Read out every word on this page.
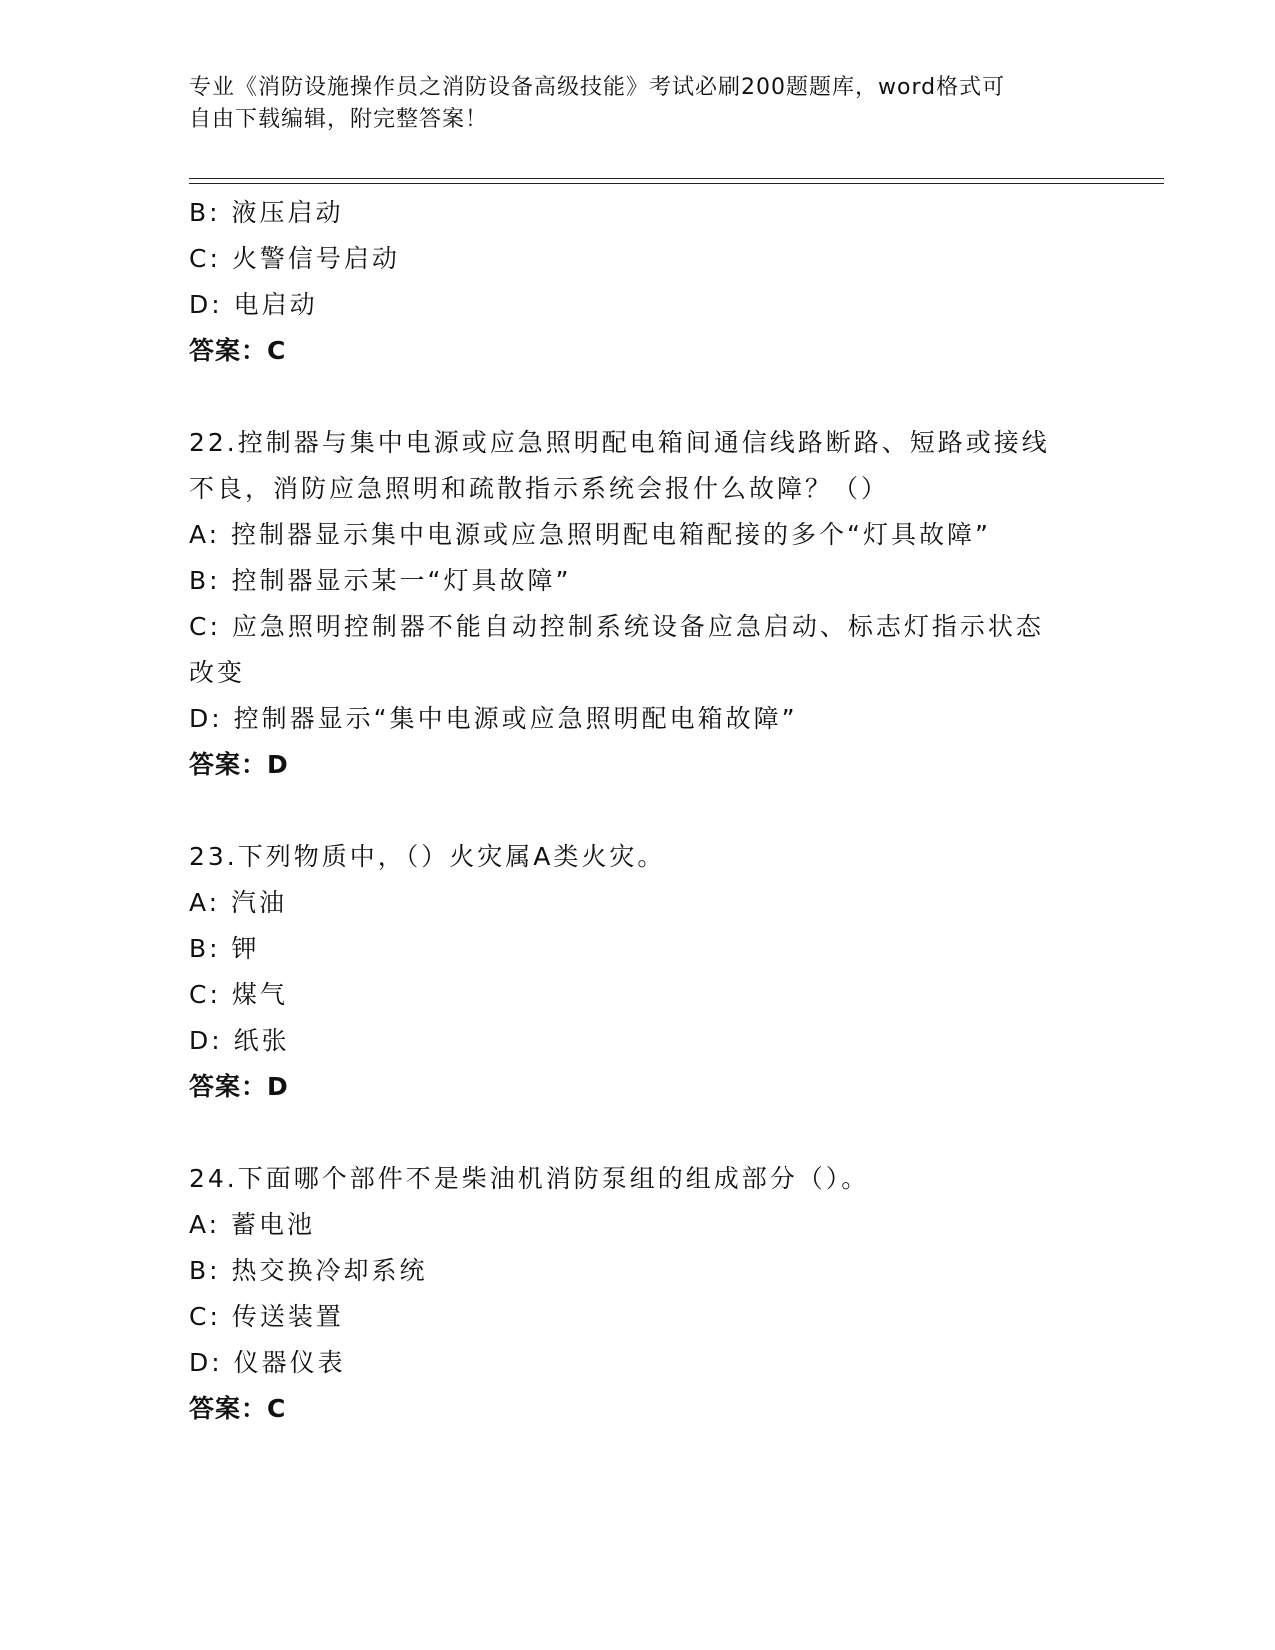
专业《消防设施操作员之消防设备高级技能》考试必刷200题题库，word格式可
自由下载编辑，附完整答案！
B: 液压启动
C: 火警信号启动
D: 电启动
答案：C
22.控制器与集中电源或应急照明配电箱间通信线路断路、短路或接线
不良，消防应急照明和疏散指示系统会报什么故障？（）
A: 控制器显示集中电源或应急照明配电箱配接的多个“灯具故障”
B: 控制器显示某一“灯具故障”
C: 应急照明控制器不能自动控制系统设备应急启动、标志灯指示状态
改变
D: 控制器显示“集中电源或应急照明配电箱故障”
答案：D
23.下列物质中，（）火灾属A类火灾。
A: 汽油
B: 钾
C: 煤气
D: 纸张
答案：D
24.下面哪个部件不是柴油机消防泵组的组成部分（）。
A: 蓄电池
B: 热交换冷却系统
C: 传送装置
D: 仪器仪表
答案：C
